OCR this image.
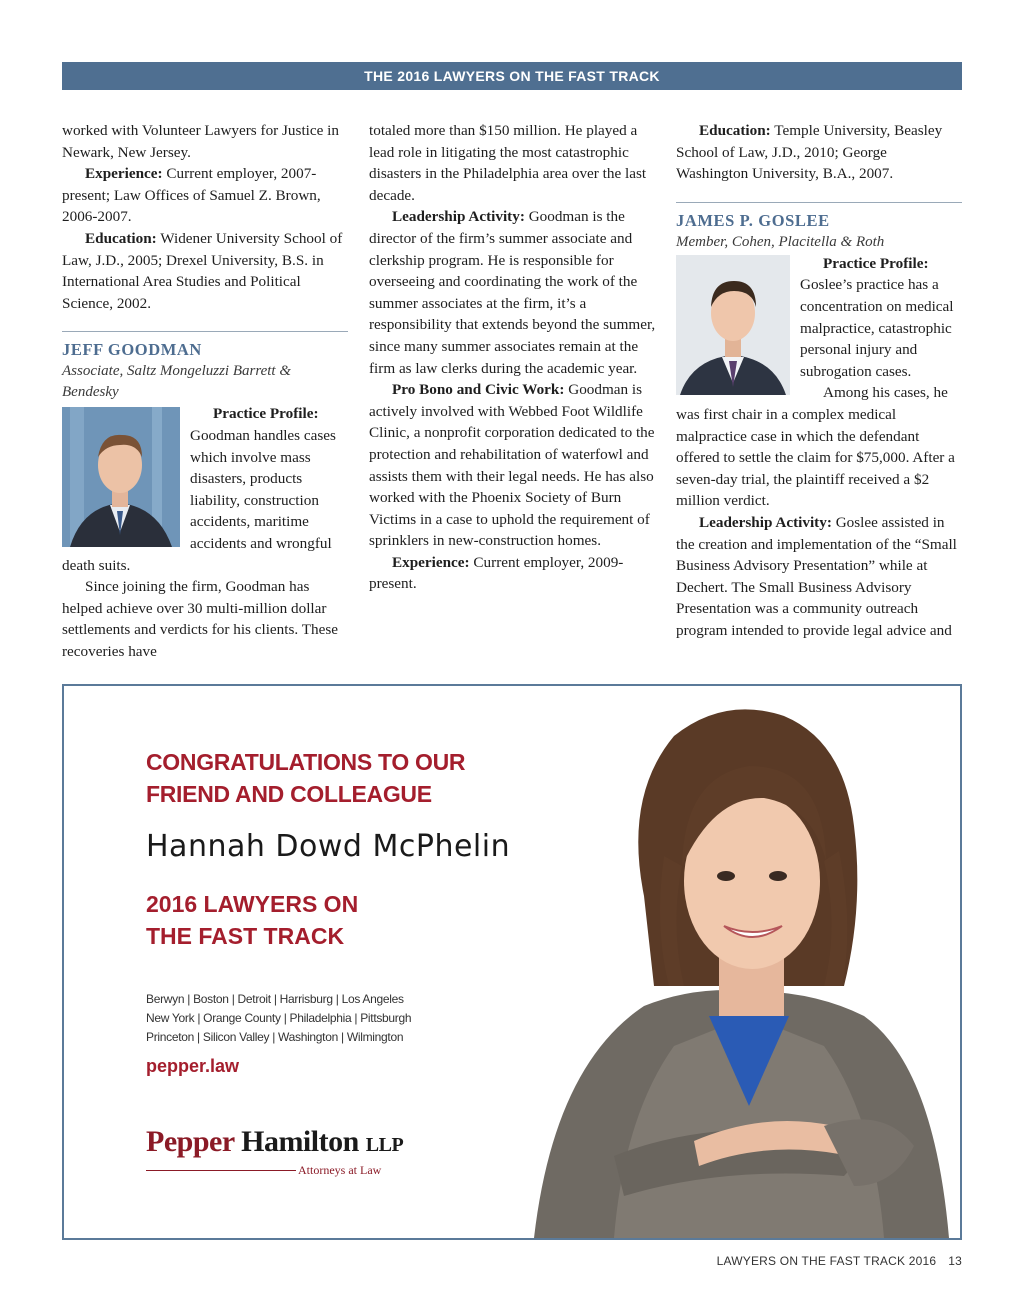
THE 2016 LAWYERS ON THE FAST TRACK

worked with Volunteer Lawyers for Justice in Newark, New Jersey.

Experience: Current employer, 2007-present; Law Offices of Samuel Z. Brown, 2006-2007.

Education: Widener University School of Law, J.D., 2005; Drexel University, B.S. in International Area Studies and Political Science, 2002.

JEFF GOODMAN
Associate, Saltz Mongeluzzi Barrett & Bendesky

Practice Profile: Goodman handles cases which involve mass disasters, products liability, construction accidents, maritime accidents and wrongful death suits.

Since joining the firm, Goodman has helped achieve over 30 multi-million dollar settlements and verdicts for his clients. These recoveries have

totaled more than $150 million. He played a lead role in litigating the most catastrophic disasters in the Philadelphia area over the last decade.

Leadership Activity: Goodman is the director of the firm’s summer associate and clerkship program. He is responsible for overseeing and coordinating the work of the summer associates at the firm, it’s a responsibility that extends beyond the summer, since many summer associates remain at the firm as law clerks during the academic year.

Pro Bono and Civic Work: Goodman is actively involved with Webbed Foot Wildlife Clinic, a nonprofit corporation dedicated to the protection and rehabilitation of waterfowl and assists them with their legal needs. He has also worked with the Phoenix Society of Burn Victims in a case to uphold the requirement of sprinklers in new-construction homes.

Experience: Current employer, 2009-present.

Education: Temple University, Beasley School of Law, J.D., 2010; George Washington University, B.A., 2007.

JAMES P. GOSLEE
Member, Cohen, Placitella & Roth

Practice Profile: Goslee’s practice has a concentration on medical malpractice, catastrophic personal injury and subrogation cases.

Among his cases, he was first chair in a complex medical malpractice case in which the defendant offered to settle the claim for $75,000. After a seven-day trial, the plaintiff received a $2 million verdict.

Leadership Activity: Goslee assisted in the creation and implementation of the “Small Business Advisory Presentation” while at Dechert. The Small Business Advisory Presentation was a community outreach program intended to provide legal advice and

CONGRATULATIONS TO OUR
FRIEND AND COLLEAGUE
Hannah Dowd McPhelin
2016 LAWYERS ON
THE FAST TRACK
Berwyn | Boston | Detroit | Harrisburg | Los Angeles
New York | Orange County | Philadelphia | Pittsburgh
Princeton | Silicon Valley | Washington | Wilmington
pepper.law
Pepper Hamilton LLP
Attorneys at Law
LAWYERS ON THE FAST TRACK 2016 13
